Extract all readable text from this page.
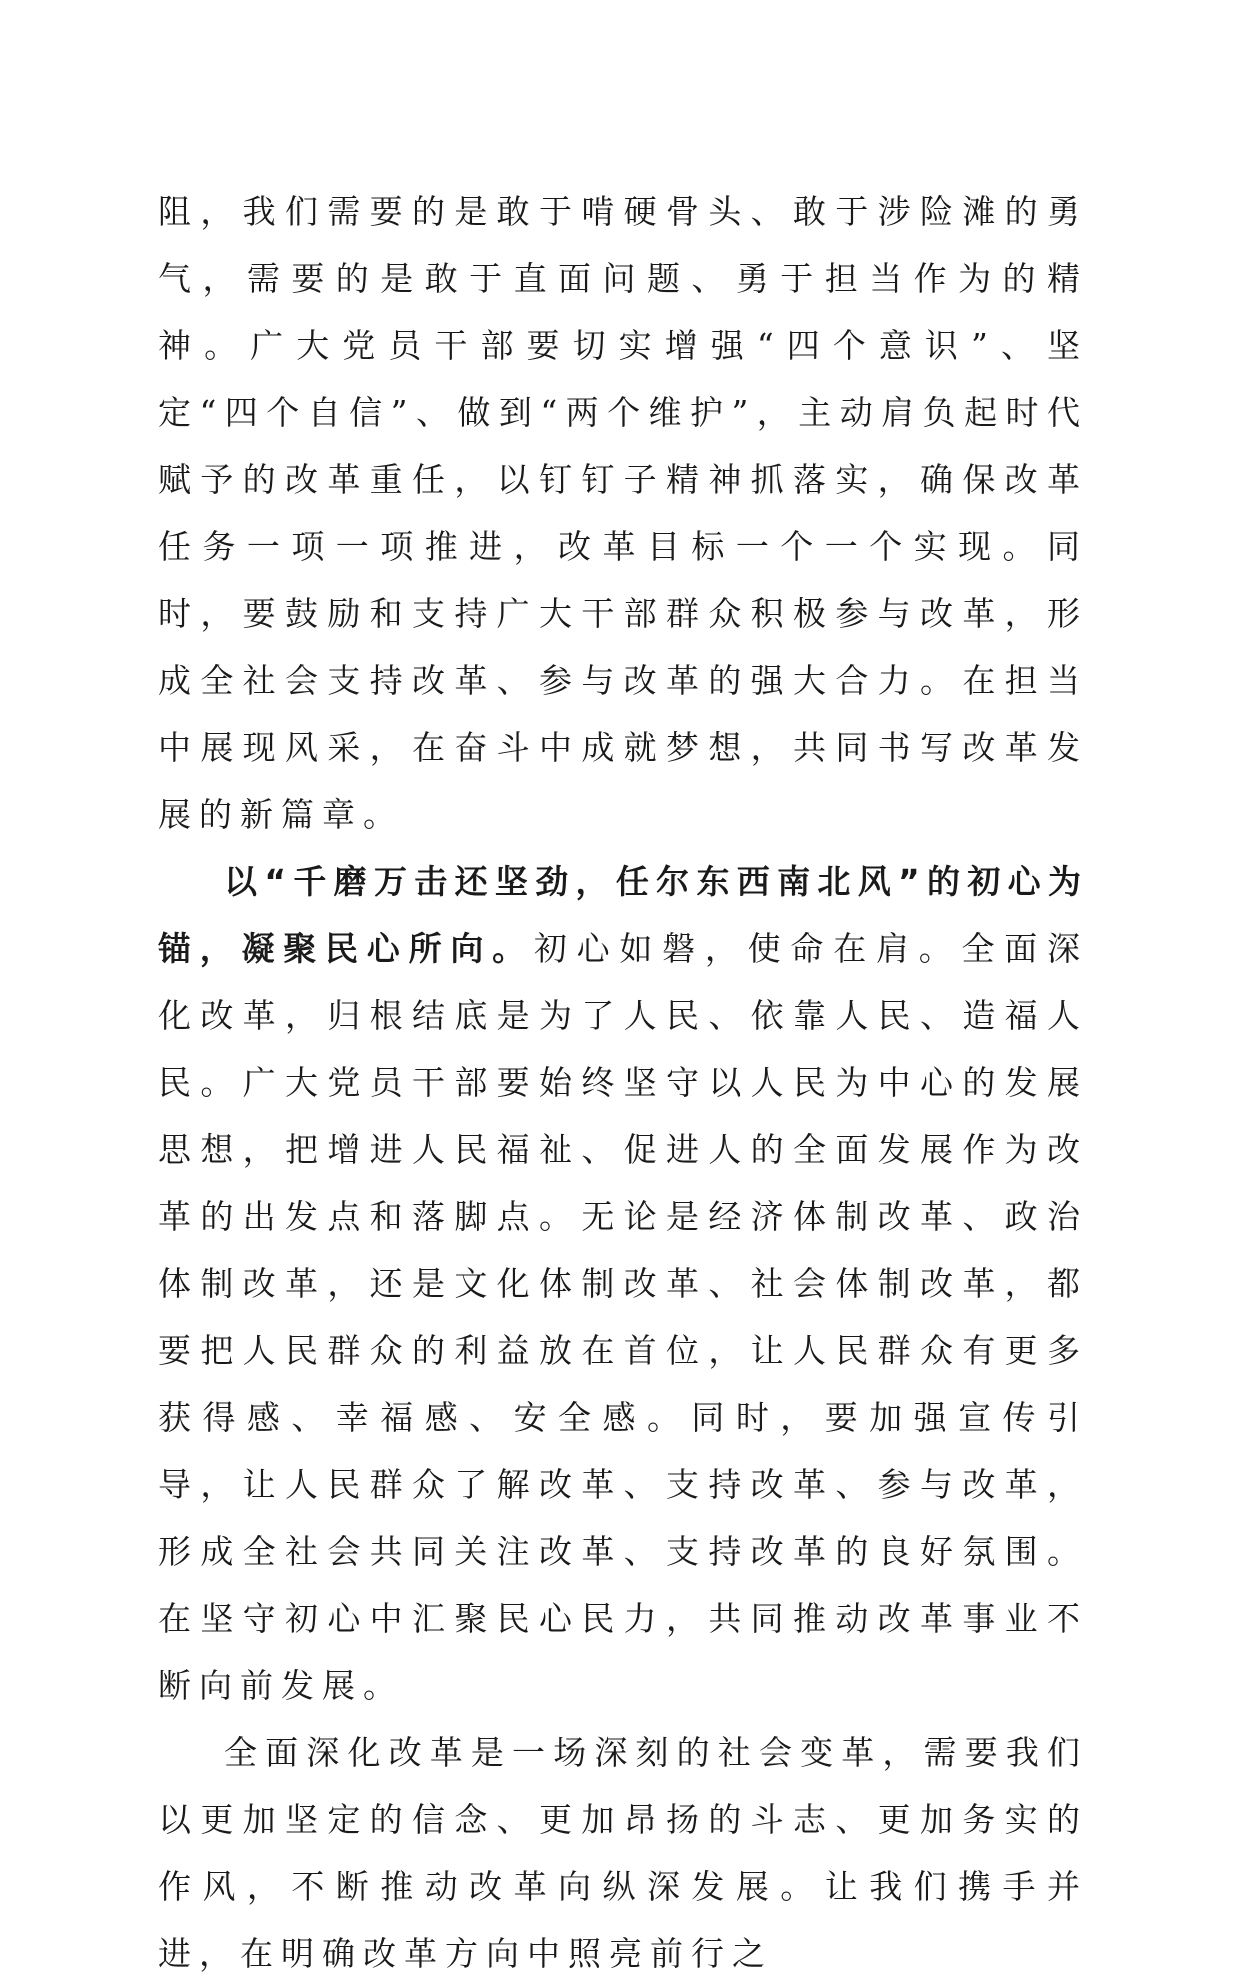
阻，我们需要的是敢于啃硬骨头、敢于涉险滩的勇气，需要的是敢于直面问题、勇于担当作为的精神。广大党员干部要切实增强“四个意识”、坚定“四个自信”、做到“两个维护”，主动肩负起时代赋予的改革重任，以钉钉子精神抓落实，确保改革任务一项一项推进，改革目标一个一个实现。同时，要鼓励和支持广大干部群众积极参与改革，形成全社会支持改革、参与改革的强大合力。在担当中展现风采，在奋斗中成就梦想，共同书写改革发展的新篇章。

以“千磨万击还坚劲，任尔东西南北风”的初心为锚，凝聚民心所向。初心如磐，使命在肩。全面深化改革，归根结底是为了人民、依靠人民、造福人民。广大党员干部要始终坚守以人民为中心的发展思想，把增进人民福祉、促进人的全面发展作为改革的出发点和落脚点。无论是经济体制改革、政治体制改革，还是文化体制改革、社会体制改革，都要把人民群众的利益放在首位，让人民群众有更多获得感、幸福感、安全感。同时，要加强宣传引导，让人民群众了解改革、支持改革、参与改革，形成全社会共同关注改革、支持改革的良好氛围。在坚守初心中汇聚民心民力，共同推动改革事业不断向前发展。

全面深化改革是一场深刻的社会变革，需要我们以更加坚定的信念、更加昂扬的斗志、更加务实的作风，不断推动改革向纵深发展。让我们携手并进，在明确改革方向中照亮前行之
